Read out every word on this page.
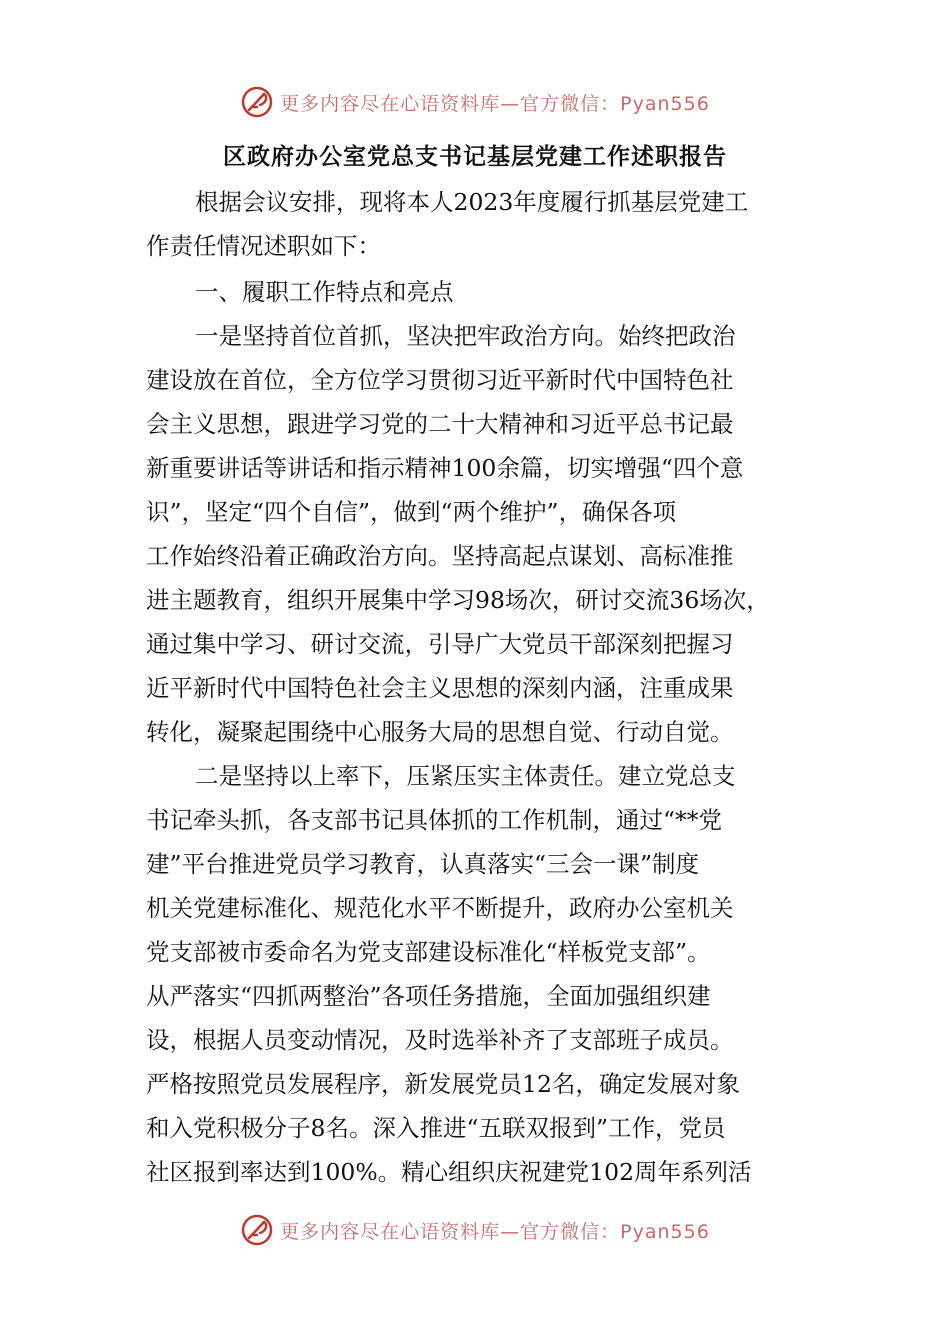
更多内容尽在心语资料库—官方微信：Pyan556
区政府办公室党总支书记基层党建工作述职报告
根据会议安排，现将本人2023年度履行抓基层党建工
作责任情况述职如下：
一、履职工作特点和亮点
一是坚持首位首抓，坚决把牢政治方向。始终把政治
建设放在首位，全方位学习贯彻习近平新时代中国特色社
会主义思想，跟进学习党的二十大精神和习近平总书记最
新重要讲话等讲话和指示精神100余篇，切实增强“四个意
识”，坚定“四个自信”，做到“两个维护”，确保各项
工作始终沿着正确政治方向。坚持高起点谋划、高标准推
进主题教育，组织开展集中学习98场次，研讨交流36场次，
通过集中学习、研讨交流，引导广大党员干部深刻把握习
近平新时代中国特色社会主义思想的深刻内涵，注重成果
转化，凝聚起围绕中心服务大局的思想自觉、行动自觉。
二是坚持以上率下，压紧压实主体责任。建立党总支
书记牵头抓，各支部书记具体抓的工作机制，通过“**党
建”平台推进党员学习教育，认真落实“三会一课”制度
机关党建标准化、规范化水平不断提升，政府办公室机关
党支部被市委命名为党支部建设标准化“样板党支部”。
从严落实“四抓两整治”各项任务措施，全面加强组织建
设，根据人员变动情况，及时选举补齐了支部班子成员。
严格按照党员发展程序，新发展党员12名，确定发展对象
和入党积极分子8名。深入推进“五联双报到”工作，党员
社区报到率达到100%。精心组织庆祝建党102周年系列活
更多内容尽在心语资料库—官方微信：Pyan556
